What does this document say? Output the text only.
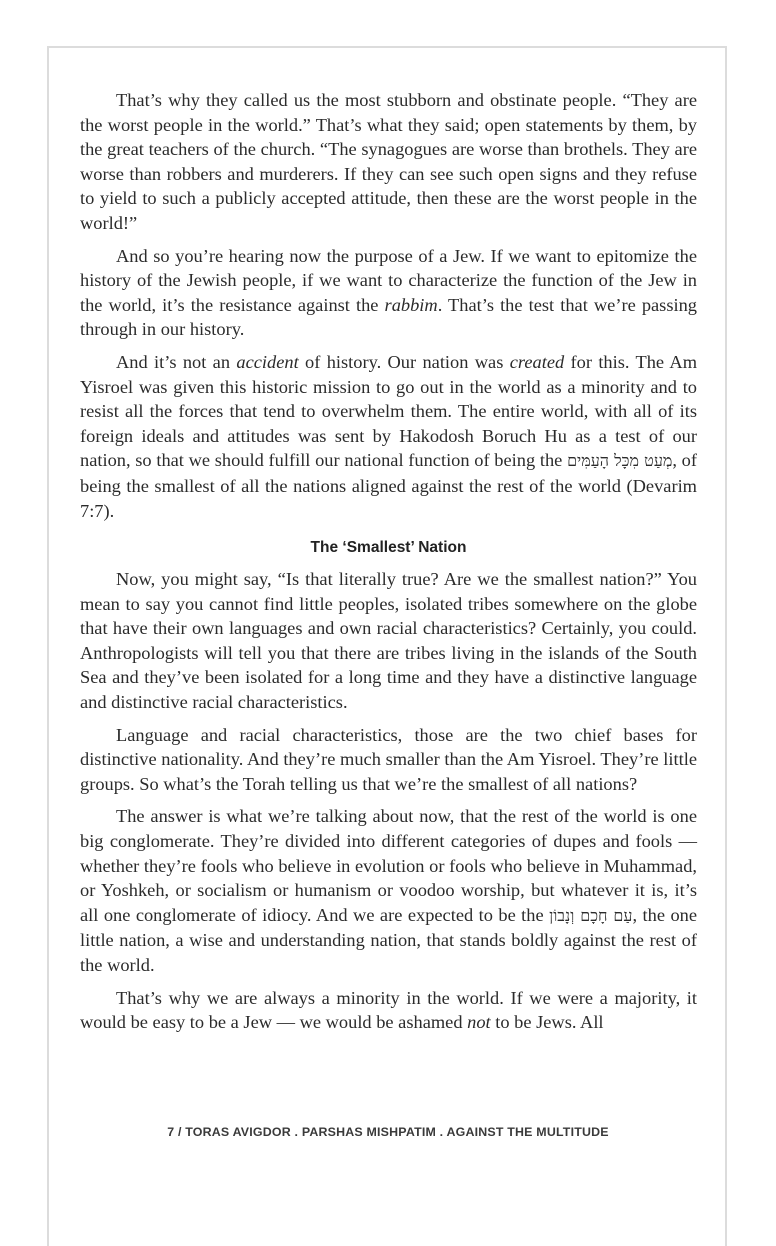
That’s why they called us the most stubborn and obstinate people. “They are the worst people in the world.” That’s what they said; open statements by them, by the great teachers of the church. “The synagogues are worse than brothels. They are worse than robbers and murderers. If they can see such open signs and they refuse to yield to such a publicly accepted attitude, then these are the worst people in the world!”

And so you’re hearing now the purpose of a Jew. If we want to epitomize the history of the Jewish people, if we want to characterize the function of the Jew in the world, it’s the resistance against the rabbim. That’s the test that we’re passing through in our history.

And it’s not an accident of history. Our nation was created for this. The Am Yisroel was given this historic mission to go out in the world as a minority and to resist all the forces that tend to overwhelm them. The entire world, with all of its foreign ideals and attitudes was sent by Hakodosh Boruch Hu as a test of our nation, so that we should fulfill our national function of being the מְעַט מִכָּל הָעַמִּים, of being the smallest of all the nations aligned against the rest of the world (Devarim 7:7).

The ‘Smallest’ Nation

Now, you might say, “Is that literally true? Are we the smallest nation?” You mean to say you cannot find little peoples, isolated tribes somewhere on the globe that have their own languages and own racial characteristics? Certainly, you could. Anthropologists will tell you that there are tribes living in the islands of the South Sea and they’ve been isolated for a long time and they have a distinctive language and distinctive racial characteristics.

Language and racial characteristics, those are the two chief bases for distinctive nationality. And they’re much smaller than the Am Yisroel. They’re little groups. So what’s the Torah telling us that we’re the smallest of all nations?

The answer is what we’re talking about now, that the rest of the world is one big conglomerate. They’re divided into different categories of dupes and fools — whether they’re fools who believe in evolution or fools who believe in Muhammad, or Yoshkeh, or socialism or humanism or voodoo worship, but whatever it is, it’s all one conglomerate of idiocy. And we are expected to be the עַם חָכָם וְנָבוֹן, the one little nation, a wise and understanding nation, that stands boldly against the rest of the world.

That’s why we are always a minority in the world. If we were a majority, it would be easy to be a Jew — we would be ashamed not to be Jews. All

7 / TORAS AVIGDOR . PARSHAS MISHPATIM . AGAINST THE MULTITUDE
